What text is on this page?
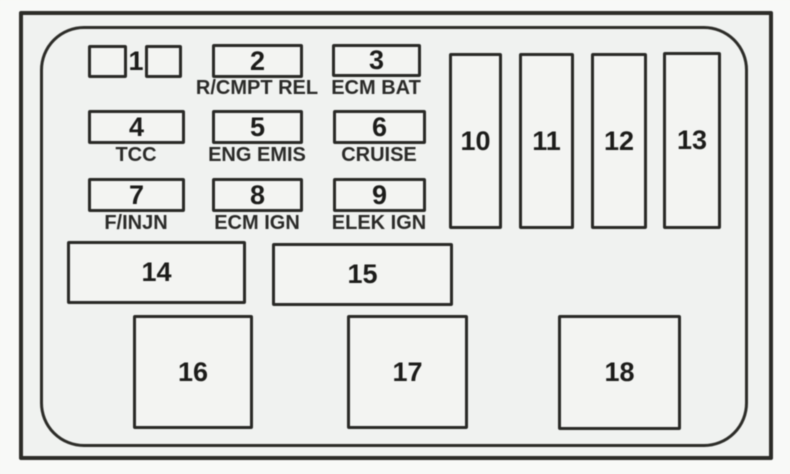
1	2
R/CMPT REL
3
ECM BAT
4
TCC
5
ENG EMIS
6
CRUISE
7
F/INJN
8
ECM IGN
9
ELEK IGN
10 11 12 13
14	15
16	17	18
